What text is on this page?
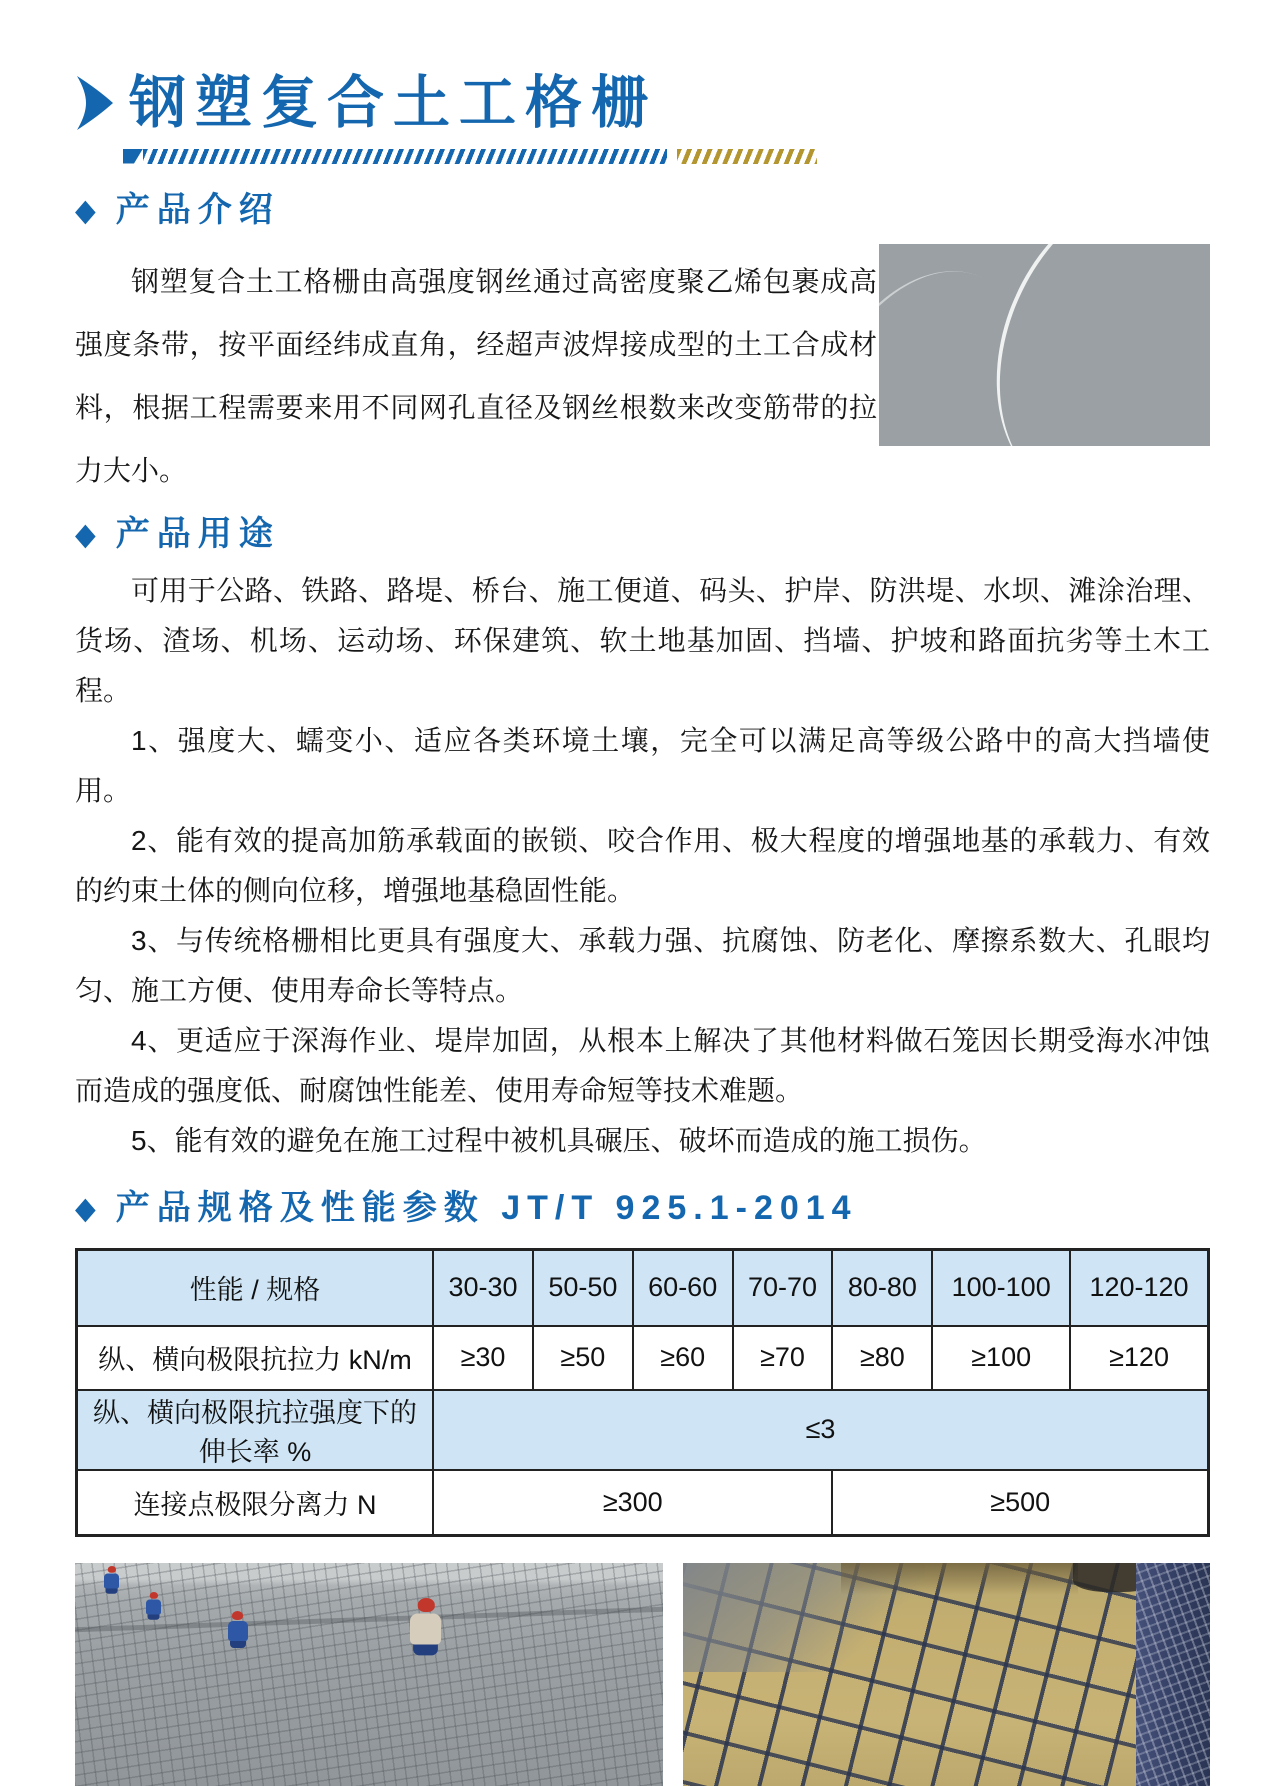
钢塑复合土工格栅
◆ 产品介绍

钢塑复合土工格栅由高强度钢丝通过高密度聚乙烯包裹成高强度条带，按平面经纬成直角，经超声波焊接成型的土工合成材料，根据工程需要来用不同网孔直径及钢丝根数来改变筋带的拉力大小。

◆ 产品用途

可用于公路、铁路、路堤、桥台、施工便道、码头、护岸、防洪堤、水坝、滩涂治理、货场、渣场、机场、运动场、环保建筑、软土地基加固、挡墙、护坡和路面抗劣等土木工程。

1、强度大、蠕变小、适应各类环境土壤，完全可以满足高等级公路中的高大挡墙使用。

2、能有效的提高加筋承载面的嵌锁、咬合作用、极大程度的增强地基的承载力、有效的约束土体的侧向位移，增强地基稳固性能。

3、与传统格栅相比更具有强度大、承载力强、抗腐蚀、防老化、摩擦系数大、孔眼均匀、施工方便、使用寿命长等特点。

4、更适应于深海作业、堤岸加固，从根本上解决了其他材料做石笼因长期受海水冲蚀而造成的强度低、耐腐蚀性能差、使用寿命短等技术难题。

5、能有效的避免在施工过程中被机具碾压、破坏而造成的施工损伤。

◆ 产品规格及性能参数 JT/T 925.1-2014
性能 / 规格	30-30	50-50	60-60	70-70	80-80	100-100	120-120
纵、横向极限抗拉力 kN/m	≥30	≥50	≥60	≥70	≥80	≥100	≥120
纵、横向极限抗拉强度下的伸长率 %	≤3						
连接点极限分离力 N	≥300				≥500		
